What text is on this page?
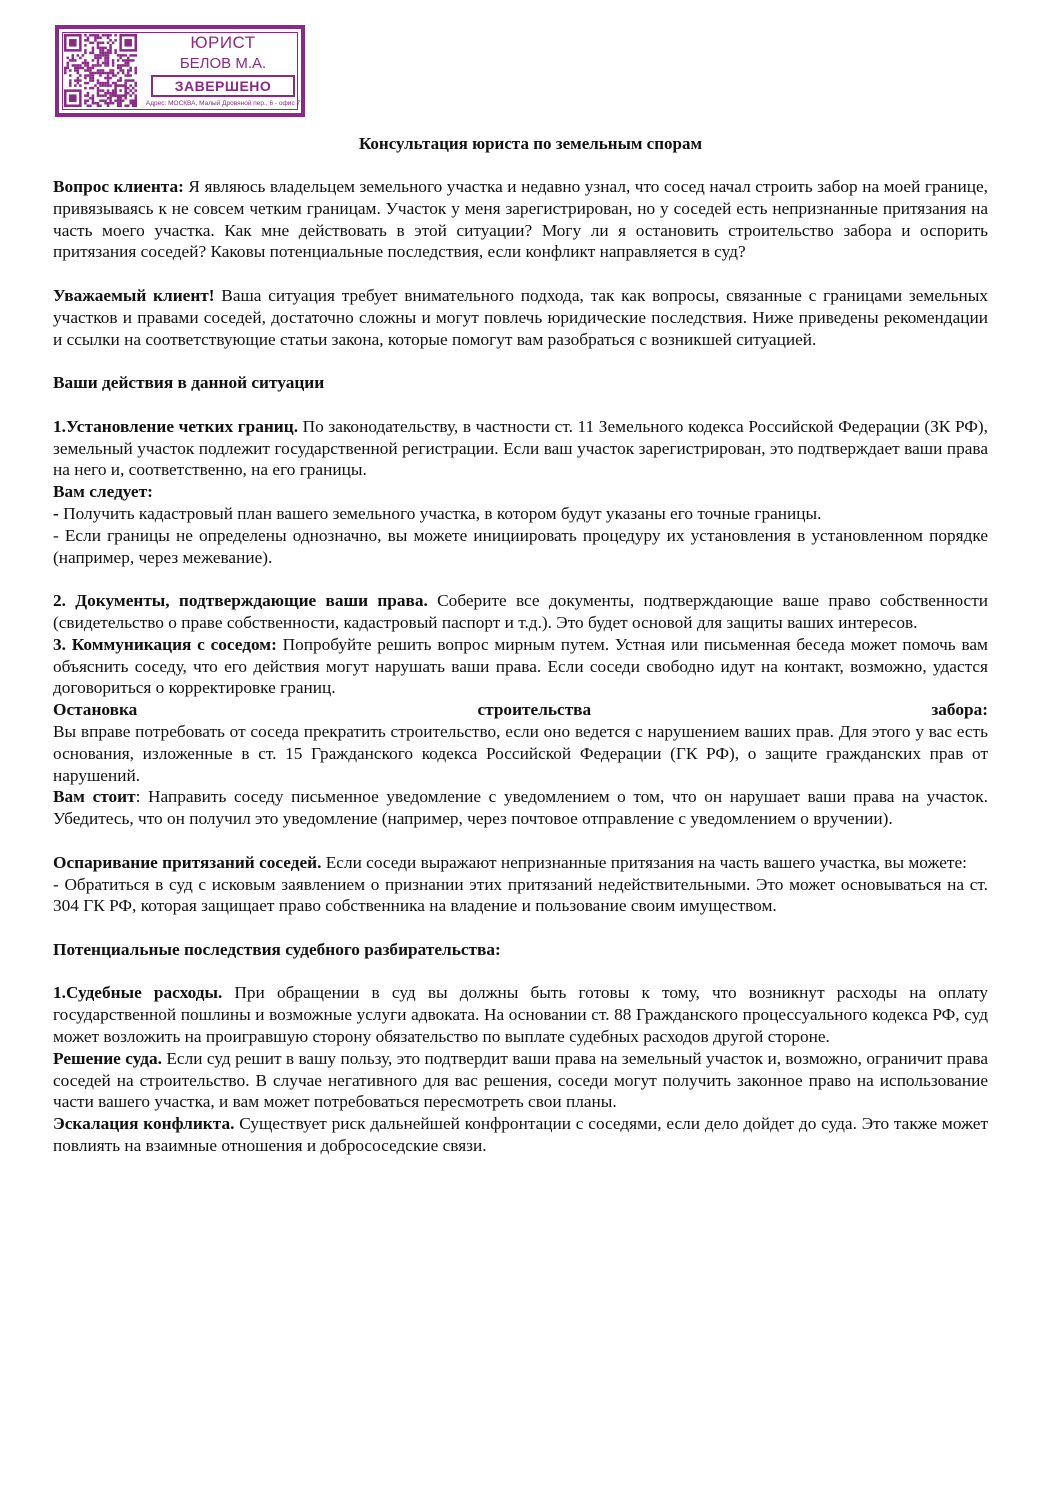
ЮРИСТ
БЕЛОВ М.А.
ЗАВЕРШЕНО
Адрес: МОСКВА, Малый Дровяной пер., 6 - офис 7
Консультация юриста по земельным спорам

Вопрос клиента: Я являюсь владельцем земельного участка и недавно узнал, что сосед начал строить забор на моей границе, привязываясь к не совсем четким границам. Участок у меня зарегистрирован, но у соседей есть непризнанные притязания на часть моего участка. Как мне действовать в этой ситуации? Могу ли я остановить строительство забора и оспорить притязания соседей? Каковы потенциальные последствия, если конфликт направляется в суд?

Уважаемый клиент! Ваша ситуация требует внимательного подхода, так как вопросы, связанные с границами земельных участков и правами соседей, достаточно сложны и могут повлечь юридические последствия. Ниже приведены рекомендации и ссылки на соответствующие статьи закона, которые помогут вам разобраться с возникшей ситуацией.

Ваши действия в данной ситуации

1.Установление четких границ. По законодательству, в частности ст. 11 Земельного кодекса Российской Федерации (ЗК РФ), земельный участок подлежит государственной регистрации. Если ваш участок зарегистрирован, это подтверждает ваши права на него и, соответственно, на его границы.

Вам следует:

- Получить кадастровый план вашего земельного участка, в котором будут указаны его точные границы.

- Если границы не определены однозначно, вы можете инициировать процедуру их установления в установленном порядке (например, через межевание).

2. Документы, подтверждающие ваши права. Соберите все документы, подтверждающие ваше право собственности (свидетельство о праве собственности, кадастровый паспорт и т.д.). Это будет основой для защиты ваших интересов.

3. Коммуникация с соседом: Попробуйте решить вопрос мирным путем. Устная или письменная беседа может помочь вам объяснить соседу, что его действия могут нарушать ваши права. Если соседи свободно идут на контакт, возможно, удастся договориться о корректировке границ.

Остановка	строительства	забора:

Вы вправе потребовать от соседа прекратить строительство, если оно ведется с нарушением ваших прав. Для этого у вас есть основания, изложенные в ст. 15 Гражданского кодекса Российской Федерации (ГК РФ), о защите гражданских прав от нарушений.

Вам стоит: Направить соседу письменное уведомление с уведомлением о том, что он нарушает ваши права на участок. Убедитесь, что он получил это уведомление (например, через почтовое отправление с уведомлением о вручении).

Оспаривание притязаний соседей. Если соседи выражают непризнанные притязания на часть вашего участка, вы можете:

- Обратиться в суд с исковым заявлением о признании этих притязаний недействительными. Это может основываться на ст. 304 ГК РФ, которая защищает право собственника на владение и пользование своим имуществом.

Потенциальные последствия судебного разбирательства:

1.Судебные расходы. При обращении в суд вы должны быть готовы к тому, что возникнут расходы на оплату государственной пошлины и возможные услуги адвоката. На основании ст. 88 Гражданского процессуального кодекса РФ, суд может возложить на проигравшую сторону обязательство по выплате судебных расходов другой стороне.

Решение суда. Если суд решит в вашу пользу, это подтвердит ваши права на земельный участок и, возможно, ограничит права соседей на строительство. В случае негативного для вас решения, соседи могут получить законное право на использование части вашего участка, и вам может потребоваться пересмотреть свои планы.

Эскалация конфликта. Существует риск дальнейшей конфронтации с соседями, если дело дойдет до суда. Это также может повлиять на взаимные отношения и добрососедские связи.
